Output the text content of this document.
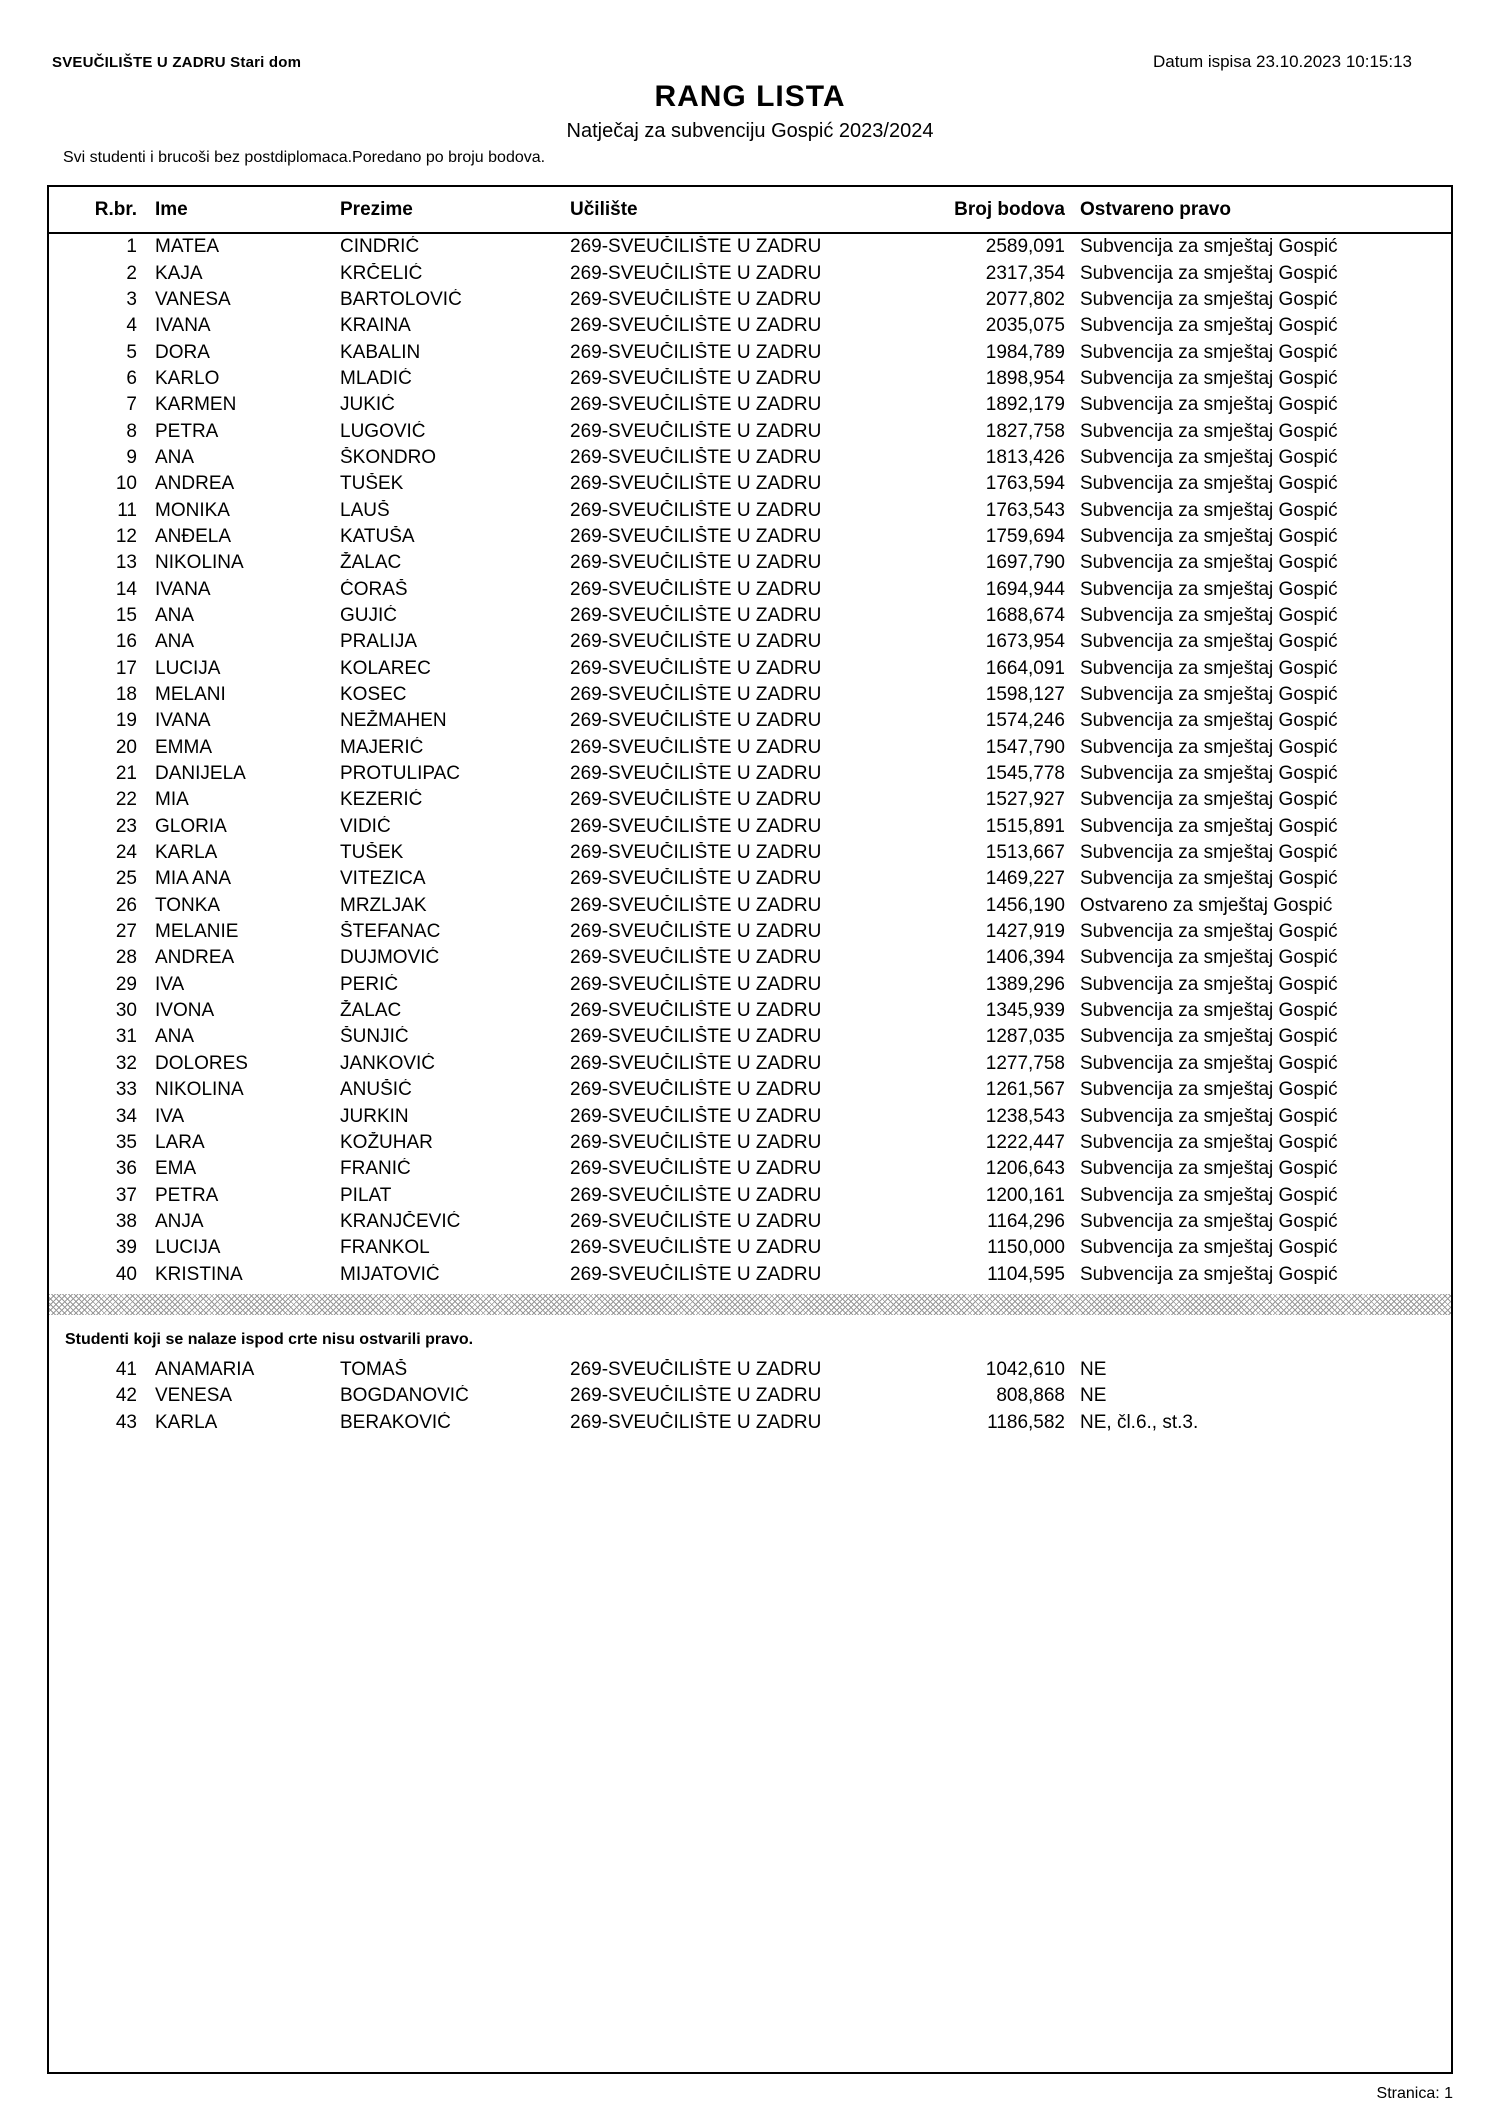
SVEUČILIŠTE U ZADRU Stari dom	Datum ispisa 23.10.2023 10:15:13
RANG LISTA
Natječaj za subvenciju Gospić 2023/2024
Svi studenti i brucoši bez postdiplomaca.Poredano po broju bodova.
R.br. Ime	Prezime	Učilište	Broj bodova Ostvareno pravo
1 MATEA	CINDRIĆ	269-SVEUČILIŠTE U ZADRU	2589,091 Subvencija za smještaj Gospić
2 KAJA	KRČELIĆ	269-SVEUČILIŠTE U ZADRU	2317,354 Subvencija za smještaj Gospić
3 VANESA	BARTOLOVIĆ	269-SVEUČILIŠTE U ZADRU	2077,802 Subvencija za smještaj Gospić
4 IVANA	KRAINA	269-SVEUČILIŠTE U ZADRU	2035,075 Subvencija za smještaj Gospić
5 DORA	KABALIN	269-SVEUČILIŠTE U ZADRU	1984,789 Subvencija za smještaj Gospić
6 KARLO	MLADIĆ	269-SVEUČILIŠTE U ZADRU	1898,954 Subvencija za smještaj Gospić
7 KARMEN	JUKIĆ	269-SVEUČILIŠTE U ZADRU	1892,179 Subvencija za smještaj Gospić
8 PETRA	LUGOVIĆ	269-SVEUČILIŠTE U ZADRU	1827,758 Subvencija za smještaj Gospić
9 ANA	ŠKONDRO	269-SVEUČILIŠTE U ZADRU	1813,426 Subvencija za smještaj Gospić
10 ANDREA	TUŠEK	269-SVEUČILIŠTE U ZADRU	1763,594 Subvencija za smještaj Gospić
11 MONIKA	LAUŠ	269-SVEUČILIŠTE U ZADRU	1763,543 Subvencija za smještaj Gospić
12 ANĐELA	KATUŠA	269-SVEUČILIŠTE U ZADRU	1759,694 Subvencija za smještaj Gospić
13 NIKOLINA	ŽALAC	269-SVEUČILIŠTE U ZADRU	1697,790 Subvencija za smještaj Gospić
14 IVANA	ĆORAŠ	269-SVEUČILIŠTE U ZADRU	1694,944 Subvencija za smještaj Gospić
15 ANA	GUJIĆ	269-SVEUČILIŠTE U ZADRU	1688,674 Subvencija za smještaj Gospić
16 ANA	PRALIJA	269-SVEUČILIŠTE U ZADRU	1673,954 Subvencija za smještaj Gospić
17 LUCIJA	KOLAREC	269-SVEUČILIŠTE U ZADRU	1664,091 Subvencija za smještaj Gospić
18 MELANI	KOSEC	269-SVEUČILIŠTE U ZADRU	1598,127 Subvencija za smještaj Gospić
19 IVANA	NEŽMAHEN	269-SVEUČILIŠTE U ZADRU	1574,246 Subvencija za smještaj Gospić
20 EMMA	MAJERIĆ	269-SVEUČILIŠTE U ZADRU	1547,790 Subvencija za smještaj Gospić
21 DANIJELA	PROTULIPAC	269-SVEUČILIŠTE U ZADRU	1545,778 Subvencija za smještaj Gospić
22 MIA	KEZERIĆ	269-SVEUČILIŠTE U ZADRU	1527,927 Subvencija za smještaj Gospić
23 GLORIA	VIDIĆ	269-SVEUČILIŠTE U ZADRU	1515,891 Subvencija za smještaj Gospić
24 KARLA	TUŠEK	269-SVEUČILIŠTE U ZADRU	1513,667 Subvencija za smještaj Gospić
25 MIA ANA	VITEZICA	269-SVEUČILIŠTE U ZADRU	1469,227 Subvencija za smještaj Gospić
26 TONKA	MRZLJAK	269-SVEUČILIŠTE U ZADRU	1456,190 Ostvareno za smještaj Gospić
27 MELANIE	ŠTEFANAC	269-SVEUČILIŠTE U ZADRU	1427,919 Subvencija za smještaj Gospić
28 ANDREA	DUJMOVIĆ	269-SVEUČILIŠTE U ZADRU	1406,394 Subvencija za smještaj Gospić
29 IVA	PERIĆ	269-SVEUČILIŠTE U ZADRU	1389,296 Subvencija za smještaj Gospić
30 IVONA	ŽALAC	269-SVEUČILIŠTE U ZADRU	1345,939 Subvencija za smještaj Gospić
31 ANA	ŠUNJIĆ	269-SVEUČILIŠTE U ZADRU	1287,035 Subvencija za smještaj Gospić
32 DOLORES	JANKOVIĆ	269-SVEUČILIŠTE U ZADRU	1277,758 Subvencija za smještaj Gospić
33 NIKOLINA	ANUŠIĆ	269-SVEUČILIŠTE U ZADRU	1261,567 Subvencija za smještaj Gospić
34 IVA	JURKIN	269-SVEUČILIŠTE U ZADRU	1238,543 Subvencija za smještaj Gospić
35 LARA	KOŽUHAR	269-SVEUČILIŠTE U ZADRU	1222,447 Subvencija za smještaj Gospić
36 EMA	FRANIĆ	269-SVEUČILIŠTE U ZADRU	1206,643 Subvencija za smještaj Gospić
37 PETRA	PILAT	269-SVEUČILIŠTE U ZADRU	1200,161 Subvencija za smještaj Gospić
38 ANJA	KRANJČEVIĆ	269-SVEUČILIŠTE U ZADRU	1164,296 Subvencija za smještaj Gospić
39 LUCIJA	FRANKOL	269-SVEUČILIŠTE U ZADRU	1150,000 Subvencija za smještaj Gospić
40 KRISTINA	MIJATOVIĆ	269-SVEUČILIŠTE U ZADRU	1104,595 Subvencija za smještaj Gospić
Studenti koji se nalaze ispod crte nisu ostvarili pravo.
41 ANAMARIA	TOMAŠ	269-SVEUČILIŠTE U ZADRU	1042,610 NE
42 VENESA	BOGDANOVIĆ	269-SVEUČILIŠTE U ZADRU	808,868 NE
43 KARLA	BERAKOVIĆ	269-SVEUČILIŠTE U ZADRU	1186,582 NE, čl.6., st.3.
Stranica: 1
